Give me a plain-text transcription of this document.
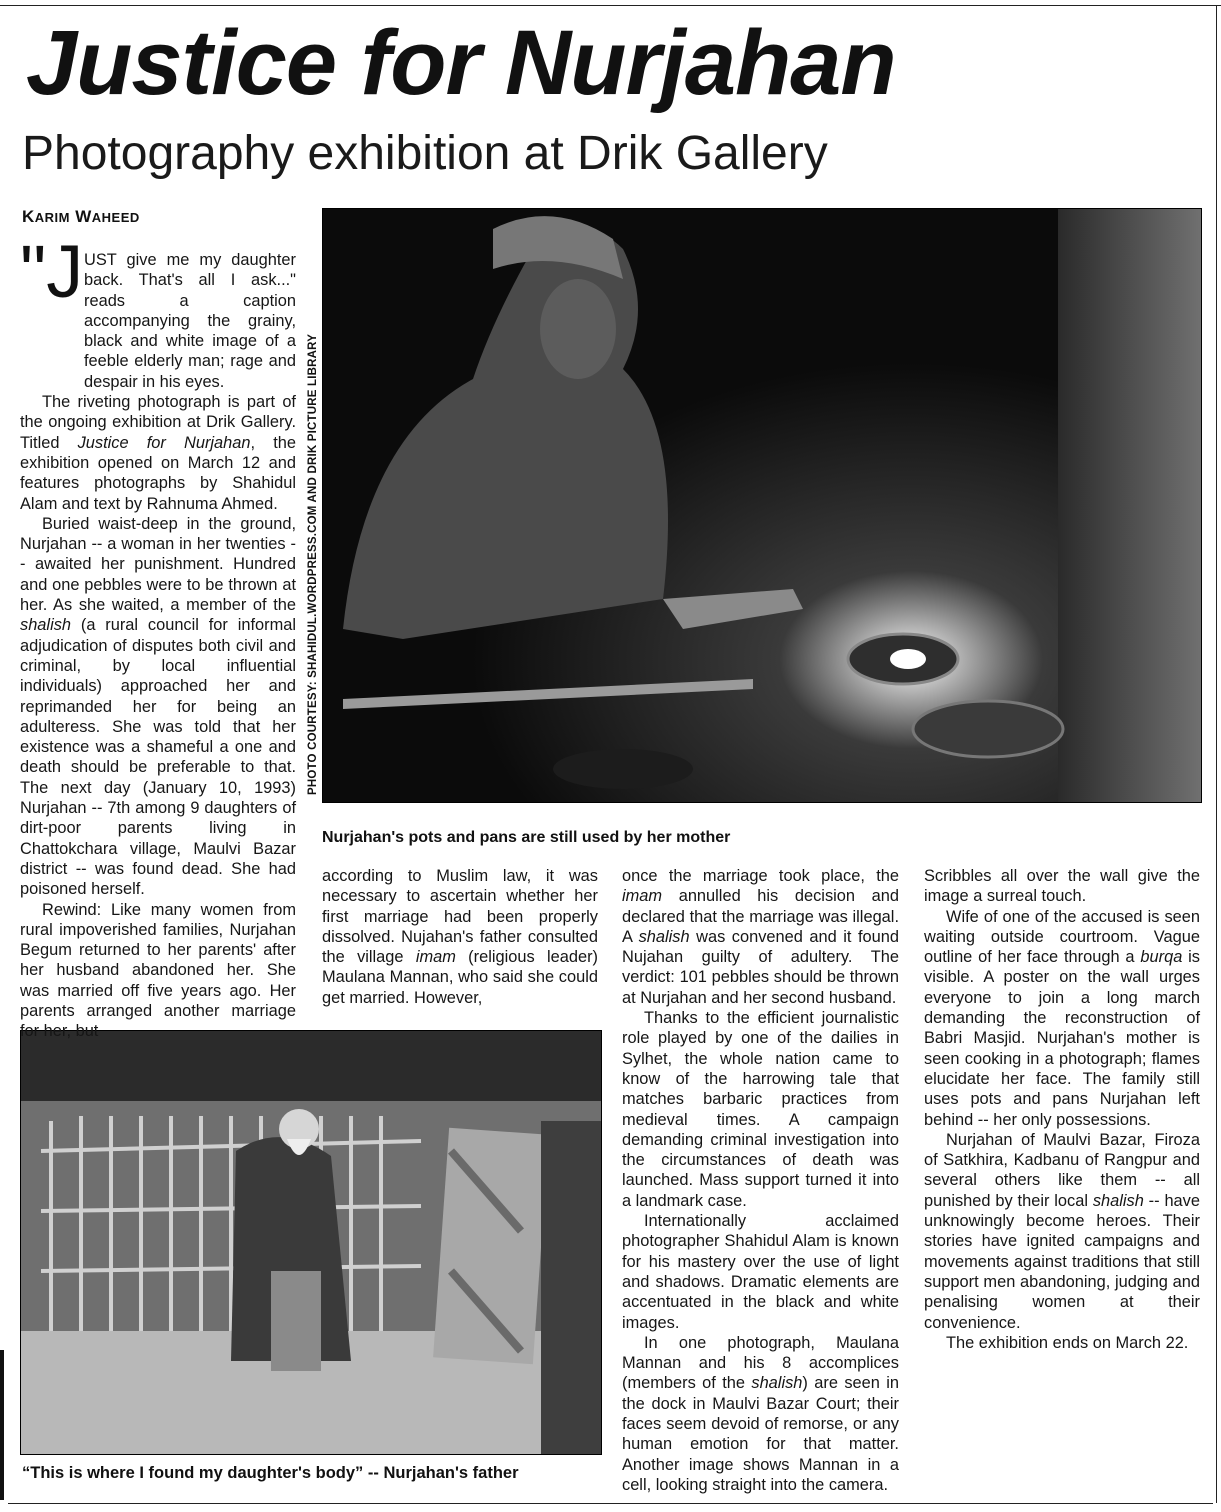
Justice for Nurjahan
Photography exhibition at Drik Gallery
KARIM WAHEED
PHOTO COURTESY: SHAHIDUL.WORDPRESS.COM AND DRIK PICTURE LIBRARY
Nurjahan's pots and pans are still used by her mother
“This is where I found my daughter's body” -- Nurjahan's father
"J UST give me my daughter back. That's all I ask..." reads a caption accompanying the grainy, black and white image of a feeble elderly man; rage and despair in his eyes.

The riveting photograph is part of the ongoing exhibition at Drik Gallery. Titled Justice for Nurjahan, the exhibition opened on March 12 and features photographs by Shahidul Alam and text by Rahnuma Ahmed.

Buried waist-deep in the ground, Nurjahan -- a woman in her twenties -- awaited her punishment. Hundred and one pebbles were to be thrown at her. As she waited, a member of the shalish (a rural council for informal adjudication of disputes both civil and criminal, by local influential individuals) approached her and reprimanded her for being an adulteress. She was told that her existence was a shameful a one and death should be preferable to that. The next day (January 10, 1993) Nurjahan -- 7th among 9 daughters of dirt-poor parents living in Chattokchara village, Maulvi Bazar district -- was found dead. She had poisoned herself.

Rewind: Like many women from rural impoverished families, Nurjahan Begum returned to her parents' after her husband abandoned her. She was married off five years ago. Her parents arranged another marriage for her, but

according to Muslim law, it was necessary to ascertain whether her first marriage had been properly dissolved. Nujahan's father consulted the village imam (religious leader) Maulana Mannan, who said she could get married. However,

once the marriage took place, the imam annulled his decision and declared that the marriage was illegal. A shalish was convened and it found Nujahan guilty of adultery. The verdict: 101 pebbles should be thrown at Nurjahan and her second husband.

Thanks to the efficient journalistic role played by one of the dailies in Sylhet, the whole nation came to know of the harrowing tale that matches barbaric practices from medieval times. A campaign demanding criminal investigation into the circumstances of death was launched. Mass support turned it into a landmark case.

Internationally acclaimed photographer Shahidul Alam is known for his mastery over the use of light and shadows. Dramatic elements are accentuated in the black and white images.

In one photograph, Maulana Mannan and his 8 accomplices (members of the shalish) are seen in the dock in Maulvi Bazar Court; their faces seem devoid of remorse, or any human emotion for that matter. Another image shows Mannan in a cell, looking straight into the camera.

Scribbles all over the wall give the image a surreal touch.

Wife of one of the accused is seen waiting outside courtroom. Vague outline of her face through a burqa is visible. A poster on the wall urges everyone to join a long march demanding the reconstruction of Babri Masjid. Nurjahan's mother is seen cooking in a photograph; flames elucidate her face. The family still uses pots and pans Nurjahan left behind -- her only possessions.

Nurjahan of Maulvi Bazar, Firoza of Satkhira, Kadbanu of Rangpur and several others like them -- all punished by their local shalish -- have unknowingly become heroes. Their stories have ignited campaigns and movements against traditions that still support men abandoning, judging and penalising women at their convenience.

The exhibition ends on March 22.
